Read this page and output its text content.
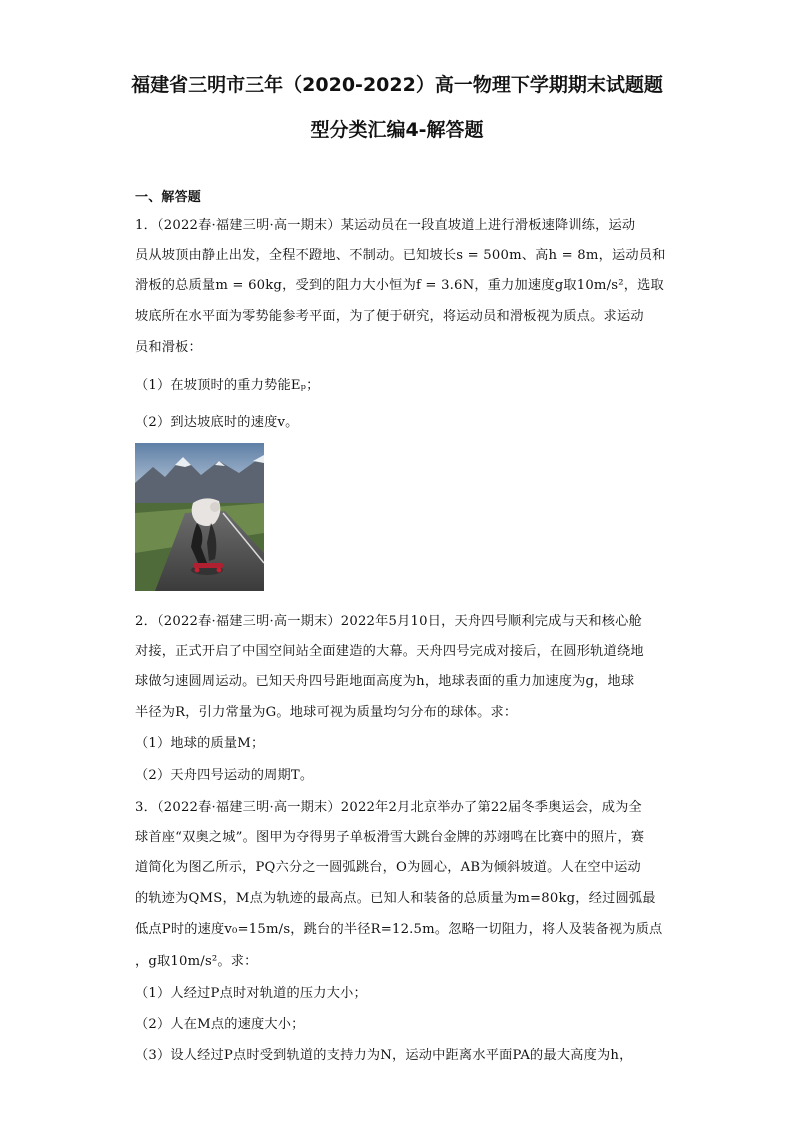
福建省三明市三年（2020-2022）高一物理下学期期末试题题
型分类汇编4-解答题
一、解答题
1．（2022春·福建三明·高一期末）某运动员在一段直坡道上进行滑板速降训练，运动
员从坡顶由静止出发，全程不蹬地、不制动。已知坡长s = 500m、高h = 8m，运动员和
滑板的总质量m = 60kg，受到的阻力大小恒为f = 3.6N，重力加速度g取10m/s²，选取
坡底所在水平面为零势能参考平面，为了便于研究，将运动员和滑板视为质点。求运动
员和滑板：
（1）在坡顶时的重力势能Eₚ；
（2）到达坡底时的速度v。
2．（2022春·福建三明·高一期末）2022年5月10日，天舟四号顺利完成与天和核心舱
对接，正式开启了中国空间站全面建造的大幕。天舟四号完成对接后，在圆形轨道绕地
球做匀速圆周运动。已知天舟四号距地面高度为h，地球表面的重力加速度为g，地球
半径为R，引力常量为G。地球可视为质量均匀分布的球体。求：
（1）地球的质量M；
（2）天舟四号运动的周期T。
3．（2022春·福建三明·高一期末）2022年2月北京举办了第22届冬季奥运会，成为全
球首座“双奥之城”。图甲为夺得男子单板滑雪大跳台金牌的苏翊鸣在比赛中的照片，赛
道简化为图乙所示，PQ六分之一圆弧跳台，O为圆心，AB为倾斜坡道。人在空中运动
的轨迹为QMS，M点为轨迹的最高点。已知人和装备的总质量为m=80kg，经过圆弧最
低点P时的速度v₀=15m/s，跳台的半径R=12.5m。忽略一切阻力，将人及装备视为质点
，g取10m/s²。求：
（1）人经过P点时对轨道的压力大小；
（2）人在M点的速度大小；
（3）设人经过P点时受到轨道的支持力为N，运动中距离水平面PA的最大高度为h，
